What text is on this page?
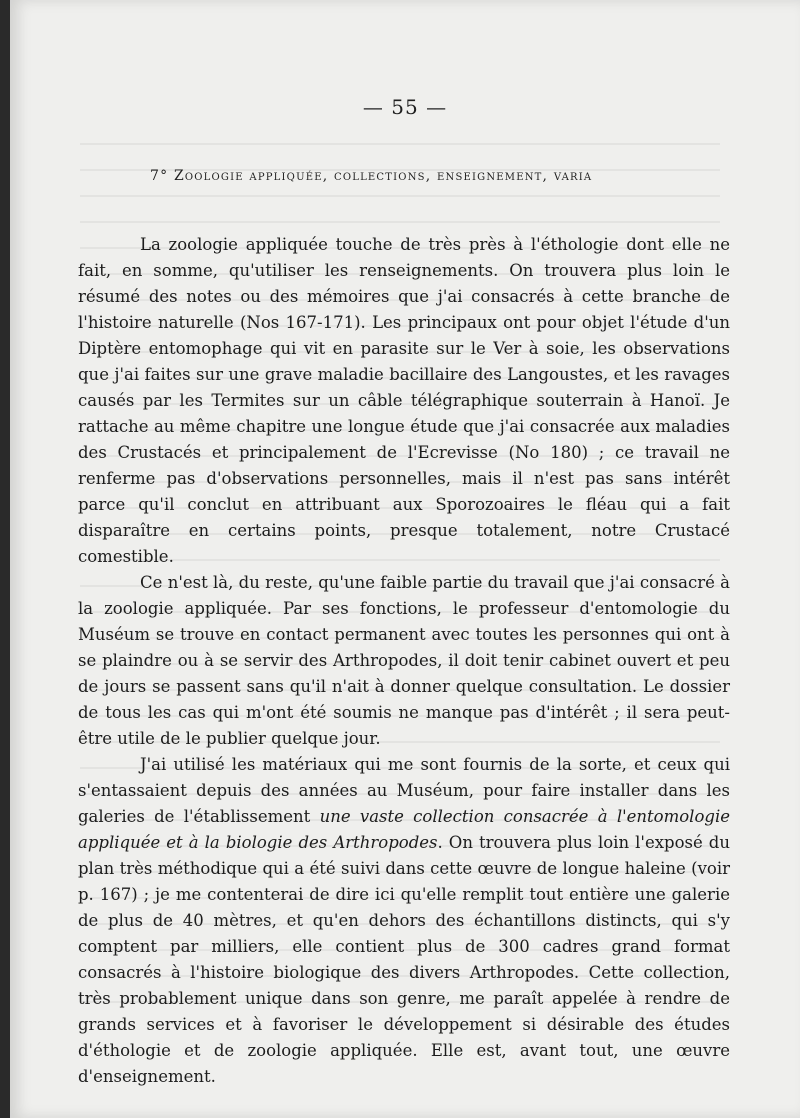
— 55 —
7° Zoologie appliquée, collections, enseignement, varia

La zoologie appliquée touche de très près à l'éthologie dont elle ne fait, en somme, qu'utiliser les renseignements. On trouvera plus loin le résumé des notes ou des mémoires que j'ai consacrés à cette branche de l'histoire naturelle (Nos 167-171). Les principaux ont pour objet l'étude d'un Diptère entomophage qui vit en parasite sur le Ver à soie, les observations que j'ai faites sur une grave maladie bacillaire des Langoustes, et les ravages causés par les Termites sur un câble télégraphique souterrain à Hanoï. Je rattache au même chapitre une longue étude que j'ai consacrée aux maladies des Crustacés et principalement de l'Ecrevisse (No 180) ; ce travail ne renferme pas d'observations personnelles, mais il n'est pas sans intérêt parce qu'il conclut en attribuant aux Sporozoaires le fléau qui a fait disparaître en certains points, presque totalement, notre Crustacé comestible.

Ce n'est là, du reste, qu'une faible partie du travail que j'ai consacré à la zoologie appliquée. Par ses fonctions, le professeur d'entomologie du Muséum se trouve en contact permanent avec toutes les personnes qui ont à se plaindre ou à se servir des Arthropodes, il doit tenir cabinet ouvert et peu de jours se passent sans qu'il n'ait à donner quelque consultation. Le dossier de tous les cas qui m'ont été soumis ne manque pas d'intérêt ; il sera peut-être utile de le publier quelque jour.

J'ai utilisé les matériaux qui me sont fournis de la sorte, et ceux qui s'entassaient depuis des années au Muséum, pour faire installer dans les galeries de l'établissement une vaste collection consacrée à l'entomologie appliquée et à la biologie des Arthropodes. On trouvera plus loin l'exposé du plan très méthodique qui a été suivi dans cette œuvre de longue haleine (voir p. 167) ; je me contenterai de dire ici qu'elle remplit tout entière une galerie de plus de 40 mètres, et qu'en dehors des échantillons distincts, qui s'y comptent par milliers, elle contient plus de 300 cadres grand format consacrés à l'histoire biologique des divers Arthropodes. Cette collection, très probablement unique dans son genre, me paraît appelée à rendre de grands services et à favoriser le développement si désirable des études d'éthologie et de zoologie appliquée. Elle est, avant tout, une œuvre d'enseignement.
